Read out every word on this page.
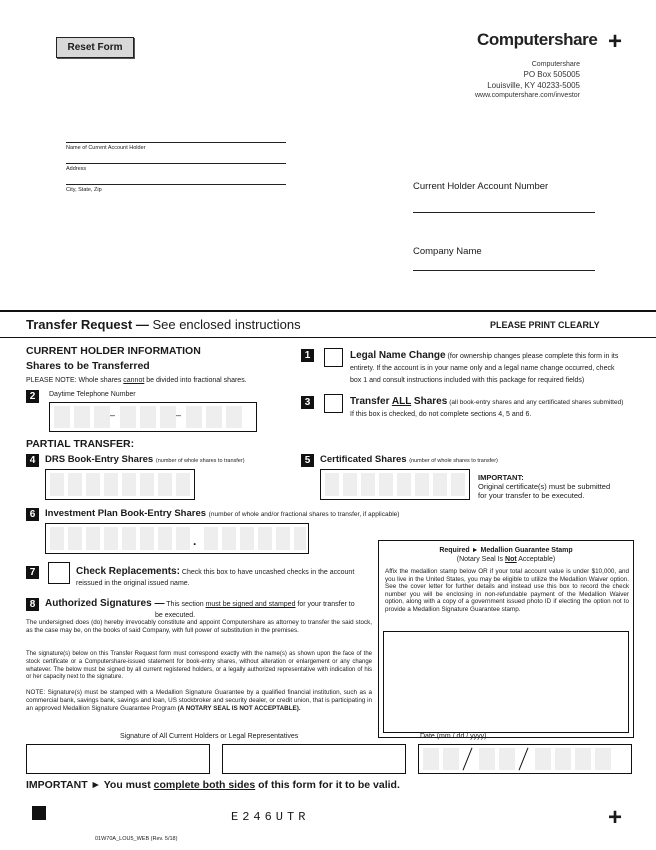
Reset Form	Computershare +
Computershare
PO Box 505005
Louisville, KY 40233-5005
www.computershare.com/investor
Name of Current Account Holder
Address
City, State, Zip	Current Holder Account Number
Company Name
Transfer Request — See enclosed instructions	PLEASE PRINT CLEARLY
CURRENT HOLDER INFORMATION
Shares to be Transferred
PLEASE NOTE: Whole shares cannot be divided into fractional shares.
2	Daytime Telephone Number
–	–
PARTIAL TRANSFER:
4	DRS Book-Entry Shares (number of whole shares to transfer)	5	Certificated Shares (number of whole shares to transfer)
IMPORTANT:
Original certificate(s) must be submitted
for your transfer to be executed.
6	Investment Plan Book-Entry Shares (number of whole and/or fractional shares to transfer, if applicable)
.
1	Legal Name Change (for ownership changes please complete this form in its
entirety. If the account is in your name only and a legal name change occurred, check
box 1 and consult instructions included with this package for required fields)
3	Transfer ALL Shares (all book-entry shares and any certificated shares submitted)
If this box is checked, do not complete sections 4, 5 and 6.
7	Check Replacements: Check this box to have uncashed checks in the account
reissued in the original issued name.
8 Authorized Signatures — This section must be signed and stamped for your transfer to
be executed.
The undersigned does (do) hereby irrevocably constitute and appoint Computershare as attorney to transfer the said stock, as the case may be, on the books of said Company, with full power of substitution in the premises.
The signature(s) below on this Transfer Request form must correspond exactly with the name(s) as shown upon the face of the stock certificate or a Computershare-issued statement for book-entry shares, without alteration or enlargement or any change whatever. The below must be signed by all current registered holders, or a legally authorized representative with indication of his or her capacity next to the signature.
NOTE: Signature(s) must be stamped with a Medallion Signature Guarantee by a qualified financial institution, such as a commercial bank, savings bank, savings and loan, US stockbroker and security dealer, or credit union, that is participating in an approved Medallion Signature Guarantee Program (A NOTARY SEAL IS NOT ACCEPTABLE).
Required ► Medallion Guarantee Stamp
(Notary Seal Is Not Acceptable)
Affix the medallion stamp below OR if your total account value is under $10,000, and you live in the United States, you may be eligible to utilize the Medallion Waiver option. See the cover letter for further details and instead use this box to record the check number you will be enclosing in non-refundable payment of the Medallion Waiver option, along with a copy of a government issued photo ID if electing the option not to provide a Medallion Signature Guarantee stamp.
Signature of All Current Holders or Legal Representatives	Date (mm / dd / yyyy)
IMPORTANT ► You must complete both sides of this form for it to be valid.
E246UTR	+
01W70A_LOU5_WEB (Rev. 5/18)
